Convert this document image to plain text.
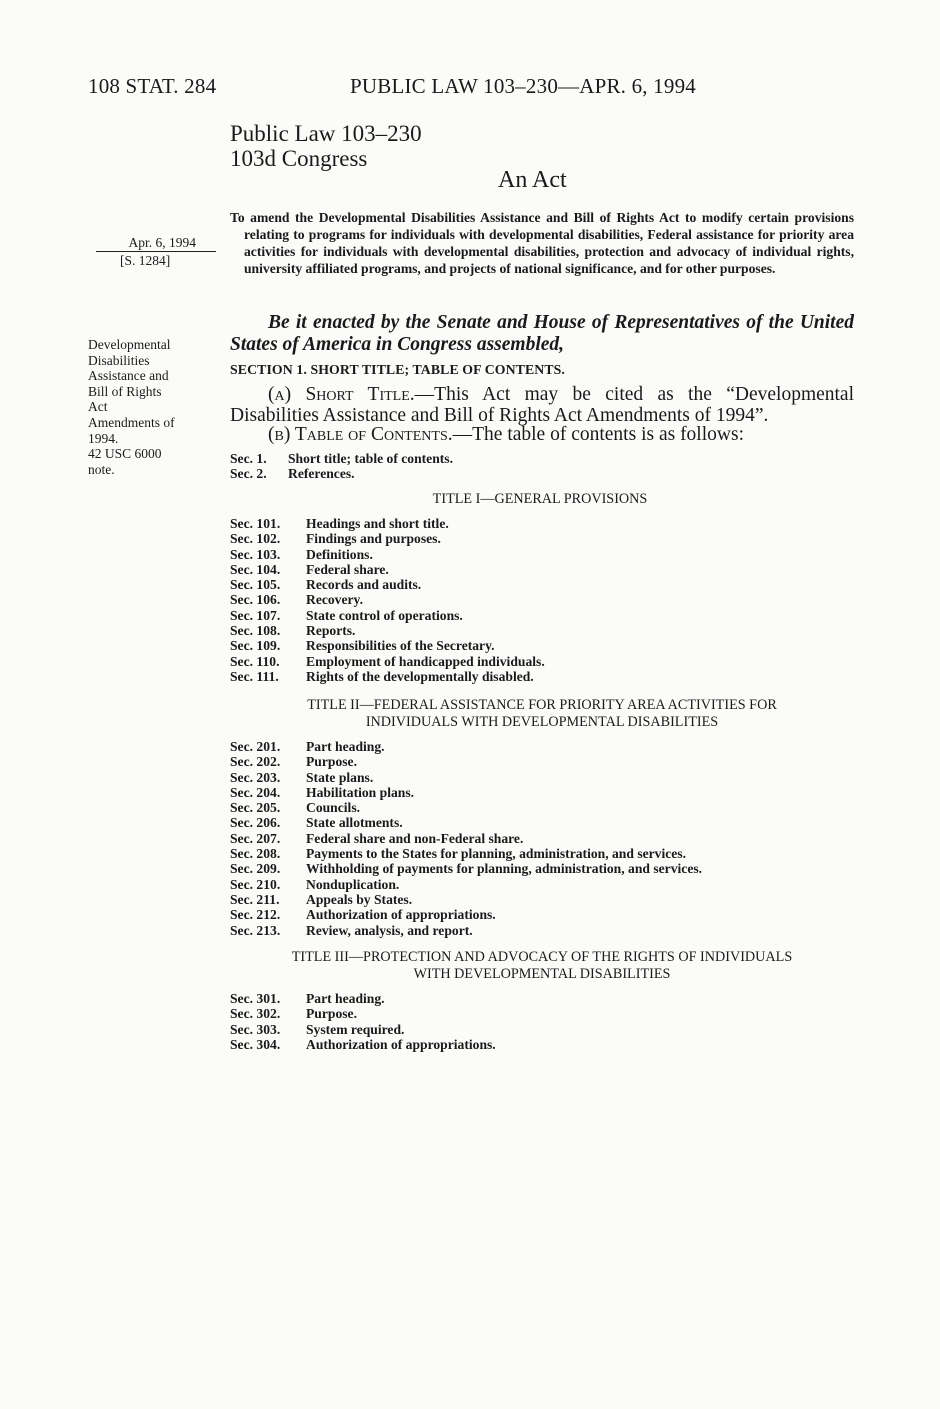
108 STAT. 284	PUBLIC LAW 103–230—APR. 6, 1994
Public Law 103–230
103d Congress
An Act
Apr. 6, 1994
[S. 1284]
To amend the Developmental Disabilities Assistance and Bill of Rights Act to modify certain provisions relating to programs for individuals with developmental disabilities, Federal assistance for priority area activities for individuals with developmental disabilities, protection and advocacy of individual rights, university affiliated programs, and projects of national significance, and for other purposes.
Developmental
Disabilities
Assistance and
Bill of Rights
Act
Amendments of
1994.
42 USC 6000
note.
Be it enacted by the Senate and House of Representatives of the United States of America in Congress assembled,
SECTION 1. SHORT TITLE; TABLE OF CONTENTS.
(a) Short Title.—This Act may be cited as the “Developmental Disabilities Assistance and Bill of Rights Act Amendments of 1994”.
(b) Table of Contents.—The table of contents is as follows:
Sec. 1. Short title; table of contents.
Sec. 2. References.
TITLE I—GENERAL PROVISIONS
Sec. 101. Headings and short title.
Sec. 102. Findings and purposes.
Sec. 103. Definitions.
Sec. 104. Federal share.
Sec. 105. Records and audits.
Sec. 106. Recovery.
Sec. 107. State control of operations.
Sec. 108. Reports.
Sec. 109. Responsibilities of the Secretary.
Sec. 110. Employment of handicapped individuals.
Sec. 111. Rights of the developmentally disabled.
TITLE II—FEDERAL ASSISTANCE FOR PRIORITY AREA ACTIVITIES FOR
INDIVIDUALS WITH DEVELOPMENTAL DISABILITIES
Sec. 201. Part heading.
Sec. 202. Purpose.
Sec. 203. State plans.
Sec. 204. Habilitation plans.
Sec. 205. Councils.
Sec. 206. State allotments.
Sec. 207. Federal share and non-Federal share.
Sec. 208. Payments to the States for planning, administration, and services.
Sec. 209. Withholding of payments for planning, administration, and services.
Sec. 210. Nonduplication.
Sec. 211. Appeals by States.
Sec. 212. Authorization of appropriations.
Sec. 213. Review, analysis, and report.
TITLE III—PROTECTION AND ADVOCACY OF THE RIGHTS OF INDIVIDUALS
WITH DEVELOPMENTAL DISABILITIES
Sec. 301. Part heading.
Sec. 302. Purpose.
Sec. 303. System required.
Sec. 304. Authorization of appropriations.
